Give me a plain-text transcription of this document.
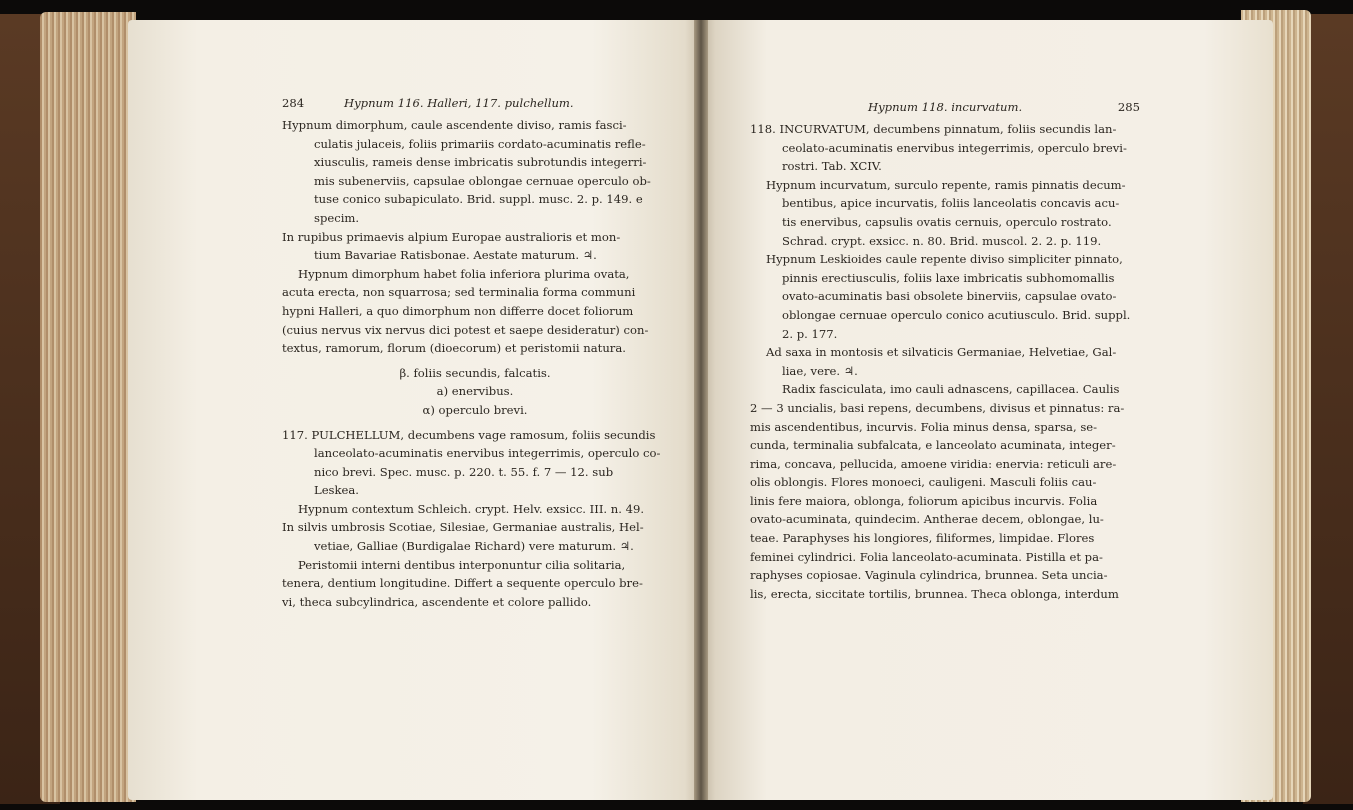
284	Hypnum 116. Halleri, 117. pulchellum.
Hypnum dimorphum, caule ascendente diviso, ramis fasci-
culatis julaceis, foliis primariis cordato-acuminatis refle-
xiusculis, rameis dense imbricatis subrotundis integerri-
mis subenerviis, capsulae oblongae cernuae operculo ob-
tuse conico subapiculato. Brid. suppl. musc. 2. p. 149. e
specim.
In rupibus primaevis alpium Europae australioris et mon-
tium Bavariae Ratisbonae. Aestate maturum. ♃.
Hypnum dimorphum habet folia inferiora plurima ovata,
acuta erecta, non squarrosa; sed terminalia forma communi
hypni Halleri, a quo dimorphum non differre docet foliorum
(cuius nervus vix nervus dici potest et saepe desideratur) con-
textus, ramorum, florum (dioecorum) et peristomii natura.
β. foliis secundis, falcatis.
a) enervibus.
α) operculo brevi.
117. PULCHELLUM, decumbens vage ramosum, foliis secundis
lanceolato-acuminatis enervibus integerrimis, operculo co-
nico brevi. Spec. musc. p. 220. t. 55. f. 7 — 12. sub
Leskea.
Hypnum contextum Schleich. crypt. Helv. exsicc. III. n. 49.
In silvis umbrosis Scotiae, Silesiae, Germaniae australis, Hel-
vetiae, Galliae (Burdigalae Richard) vere maturum. ♃.
Peristomii interni dentibus interponuntur cilia solitaria,
tenera, dentium longitudine. Differt a sequente operculo bre-
vi, theca subcylindrica, ascendente et colore pallido.
Hypnum 118. incurvatum.	285
118. INCURVATUM, decumbens pinnatum, foliis secundis lan-
ceolato-acuminatis enervibus integerrimis, operculo brevi-
rostri. Tab. XCIV.
Hypnum incurvatum, surculo repente, ramis pinnatis decum-
bentibus, apice incurvatis, foliis lanceolatis concavis acu-
tis enervibus, capsulis ovatis cernuis, operculo rostrato.
Schrad. crypt. exsicc. n. 80. Brid. muscol. 2. 2. p. 119.
Hypnum Leskioides caule repente diviso simpliciter pinnato,
pinnis erectiusculis, foliis laxe imbricatis subhomomallis
ovato-acuminatis basi obsolete binerviis, capsulae ovato-
oblongae cernuae operculo conico acutiusculo. Brid. suppl.
2. p. 177.
Ad saxa in montosis et silvaticis Germaniae, Helvetiae, Gal-
liae, vere. ♃.
Radix fasciculata, imo cauli adnascens, capillacea. Caulis
2 — 3 uncialis, basi repens, decumbens, divisus et pinnatus: ra-
mis ascendentibus, incurvis. Folia minus densa, sparsa, se-
cunda, terminalia subfalcata, e lanceolato acuminata, integer-
rima, concava, pellucida, amoene viridia: enervia: reticuli are-
olis oblongis. Flores monoeci, cauligeni. Masculi foliis cau-
linis fere maiora, oblonga, foliorum apicibus incurvis. Folia
ovato-acuminata, quindecim. Antherae decem, oblongae, lu-
teae. Paraphyses his longiores, filiformes, limpidae. Flores
feminei cylindrici. Folia lanceolato-acuminata. Pistilla et pa-
raphyses copiosae. Vaginula cylindrica, brunnea. Seta uncia-
lis, erecta, siccitate tortilis, brunnea. Theca oblonga, interdum
